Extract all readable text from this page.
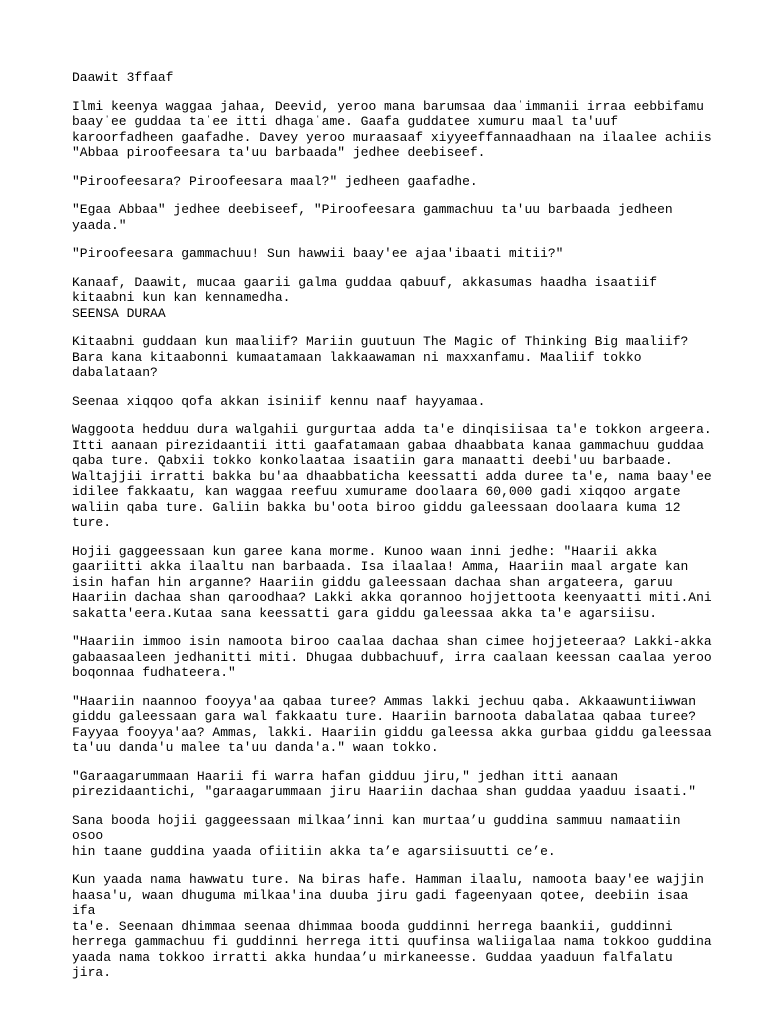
Daawit 3ffaaf

Ilmi keenya waggaa jahaa, Deevid, yeroo mana barumsaa daaˈimmanii irraa eebbifamu
baayˈee guddaa taˈee itti dhagaˈame. Gaafa guddatee xumuru maal ta'uuf
karoorfadheen gaafadhe. Davey yeroo muraasaaf xiyyeeffannaadhaan na ilaalee achiis
"Abbaa piroofeesara ta'uu barbaada" jedhee deebiseef.

"Piroofeesara? Piroofeesara maal?" jedheen gaafadhe.

"Egaa Abbaa" jedhee deebiseef, "Piroofeesara gammachuu ta'uu barbaada jedheen
yaada."

"Piroofeesara gammachuu! Sun hawwii baay'ee ajaa'ibaati mitii?"

Kanaaf, Daawit, mucaa gaarii galma guddaa qabuuf, akkasumas haadha isaatiif
kitaabni kun kan kennamedha.

SEENSA DURAA

Kitaabni guddaan kun maaliif? Mariin guutuun The Magic of Thinking Big maaliif?
Bara kana kitaabonni kumaatamaan lakkaawaman ni maxxanfamu. Maaliif tokko
dabalataan?

Seenaa xiqqoo qofa akkan isiniif kennu naaf hayyamaa.

Waggoota hedduu dura walgahii gurgurtaa adda ta'e dinqisiisaa ta'e tokkon argeera.
Itti aanaan pirezidaantii itti gaafatamaan gabaa dhaabbata kanaa gammachuu guddaa
qaba ture. Qabxii tokko konkolaataa isaatiin gara manaatti deebi'uu barbaade.
Waltajjii irratti bakka bu'aa dhaabbaticha keessatti adda duree ta'e, nama baay'ee
idilee fakkaatu, kan waggaa reefuu xumurame doolaara 60,000 gadi xiqqoo argate
waliin qaba ture. Galiin bakka bu'oota biroo giddu galeessaan doolaara kuma 12
ture.

Hojii gaggeessaan kun garee kana morme. Kunoo waan inni jedhe: "Haarii akka
gaariitti akka ilaaltu nan barbaada. Isa ilaalaa! Amma, Haariin maal argate kan
isin hafan hin arganne? Haariin giddu galeessaan dachaa shan argateera, garuu
Haariin dachaa shan qaroodhaa? Lakki akka qorannoo hojjettoota keenyaatti miti.Ani
sakatta'eera.Kutaa sana keessatti gara giddu galeessaa akka ta'e agarsiisu.

"Haariin immoo isin namoota biroo caalaa dachaa shan cimee hojjeteeraa? Lakki-akka
gabaasaaleen jedhanitti miti. Dhugaa dubbachuuf, irra caalaan keessan caalaa yeroo
boqonnaa fudhateera."

"Haariin naannoo fooyya'aa qabaa turee? Ammas lakki jechuu qaba. Akkaawuntiiwwan
giddu galeessaan gara wal fakkaatu ture. Haariin barnoota dabalataa qabaa turee?
Fayyaa fooyya'aa? Ammas, lakki. Haariin giddu galeessa akka gurbaa giddu galeessaa
ta'uu danda'u malee ta'uu danda'a." waan tokko.

"Garaagarummaan Haarii fi warra hafan gidduu jiru," jedhan itti aanaan
pirezidaantichi, "garaagarummaan jiru Haariin dachaa shan guddaa yaaduu isaati."

Sana booda hojii gaggeessaan milkaa’inni kan murtaa’u guddina sammuu namaatiin osoo
hin taane guddina yaada ofiitiin akka ta’e agarsiisuutti ce’e.

Kun yaada nama hawwatu ture. Na biras hafe. Hamman ilaalu, namoota baay'ee wajjin
haasa'u, waan dhuguma milkaa'ina duuba jiru gadi fageenyaan qotee, deebiin isaa ifa
ta'e. Seenaan dhimmaa seenaa dhimmaa booda guddinni herrega baankii, guddinni
herrega gammachuu fi guddinni herrega itti quufinsa waliigalaa nama tokkoo guddina
yaada nama tokkoo irratti akka hundaa’u mirkaneesse. Guddaa yaaduun falfalatu jira.
